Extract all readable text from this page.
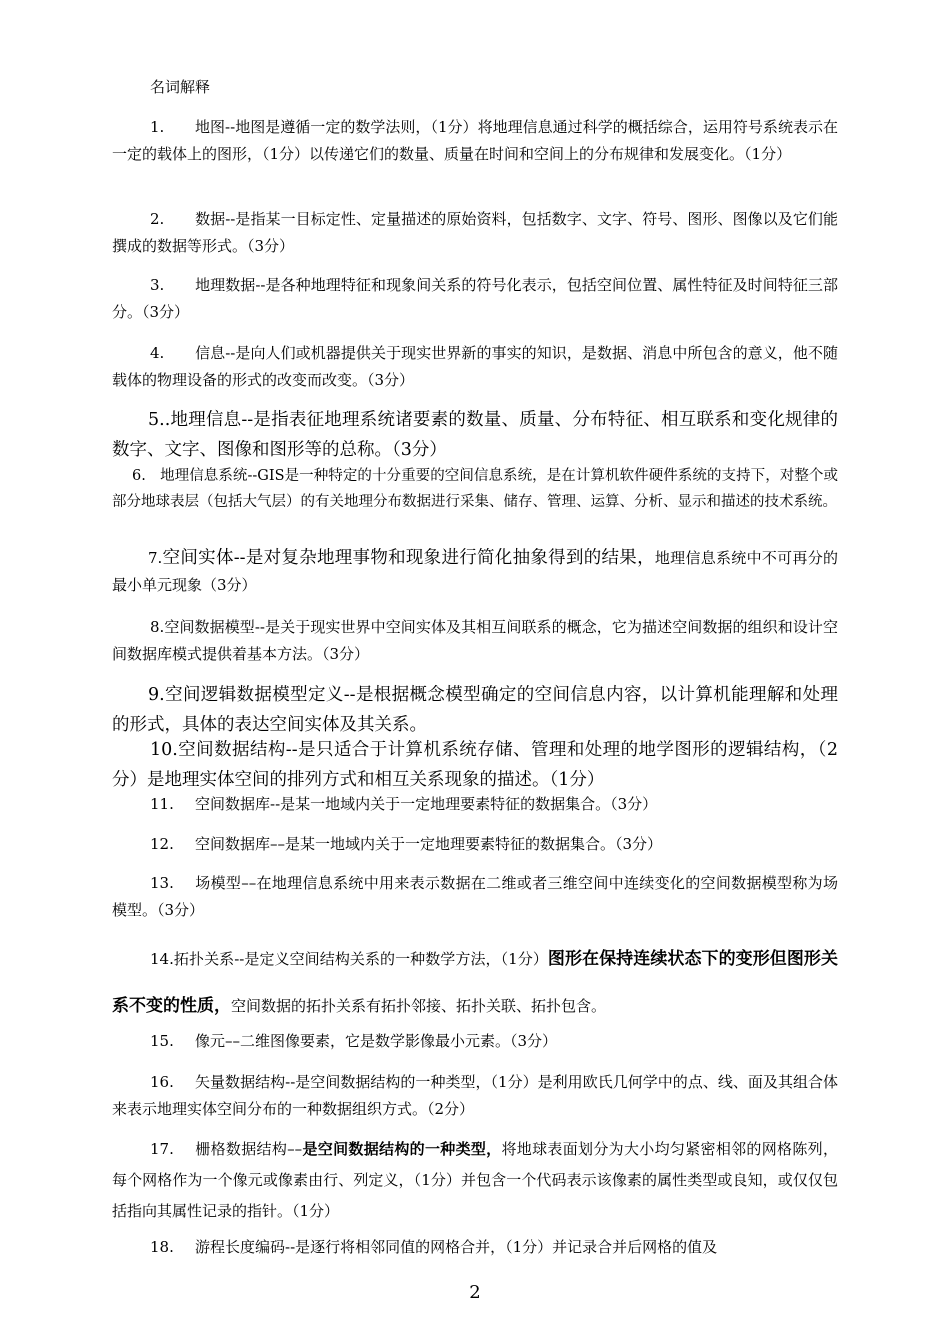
名词解释
1. 地图--地图是遵循一定的数学法则，（1分）将地理信息通过科学的概括综合，运用符号系统表示在一定的载体上的图形，（1分）以传递它们的数量、质量在时间和空间上的分布规律和发展变化。（1分）
2. 数据--是指某一目标定性、定量描述的原始资料，包括数字、文字、符号、图形、图像以及它们能撰成的数据等形式。（3分）
3. 地理数据--是各种地理特征和现象间关系的符号化表示，包括空间位置、属性特征及时间特征三部分。（3分）
4. 信息--是向人们或机器提供关于现实世界新的事实的知识，是数据、消息中所包含的意义，他不随载体的物理设备的形式的改变而改变。（3分）
5..地理信息--是指表征地理系统诸要素的数量、质量、分布特征、相互联系和变化规律的数字、文字、图像和图形等的总称。（3分）
6. 地理信息系统--GIS是一种特定的十分重要的空间信息系统，是在计算机软件硬件系统的支持下，对整个或部分地球表层（包括大气层）的有关地理分布数据进行采集、储存、管理、运算、分析、显示和描述的技术系统。
7.空间实体--是对复杂地理事物和现象进行简化抽象得到的结果，地理信息系统中不可再分的最小单元现象（3分）
8.空间数据模型--是关于现实世界中空间实体及其相互间联系的概念，它为描述空间数据的组织和设计空间数据库模式提供着基本方法。（3分）
9.空间逻辑数据模型定义--是根据概念模型确定的空间信息内容，以计算机能理解和处理的形式，具体的表达空间实体及其关系。
10.空间数据结构--是只适合于计算机系统存储、管理和处理的地学图形的逻辑结构，（2分）是地理实体空间的排列方式和相互关系现象的描述。（1分）
11. 空间数据库--是某一地域内关于一定地理要素特征的数据集合。（3分）
12. 空间数据库––是某一地域内关于一定地理要素特征的数据集合。（3分）
13. 场模型––在地理信息系统中用来表示数据在二维或者三维空间中连续变化的空间数据模型称为场模型。（3分）
14.拓扑关系--是定义空间结构关系的一种数学方法，（1分）图形在保持连续状态下的变形但图形关系不变的性质，空间数据的拓扑关系有拓扑邻接、拓扑关联、拓扑包含。
15. 像元––二维图像要素，它是数学影像最小元素。（3分）
16. 矢量数据结构--是空间数据结构的一种类型，（1分）是利用欧氏几何学中的点、线、面及其组合体来表示地理实体空间分布的一种数据组织方式。（2分）
17. 栅格数据结构––是空间数据结构的一种类型，将地球表面划分为大小均匀紧密相邻的网格陈列，每个网格作为一个像元或像素由行、列定义，（1分）并包含一个代码表示该像素的属性类型或良知，或仅仅包括指向其属性记录的指针。（1分）
18. 游程长度编码--是逐行将相邻同值的网格合并，（1分）并记录合并后网格的值及
2
